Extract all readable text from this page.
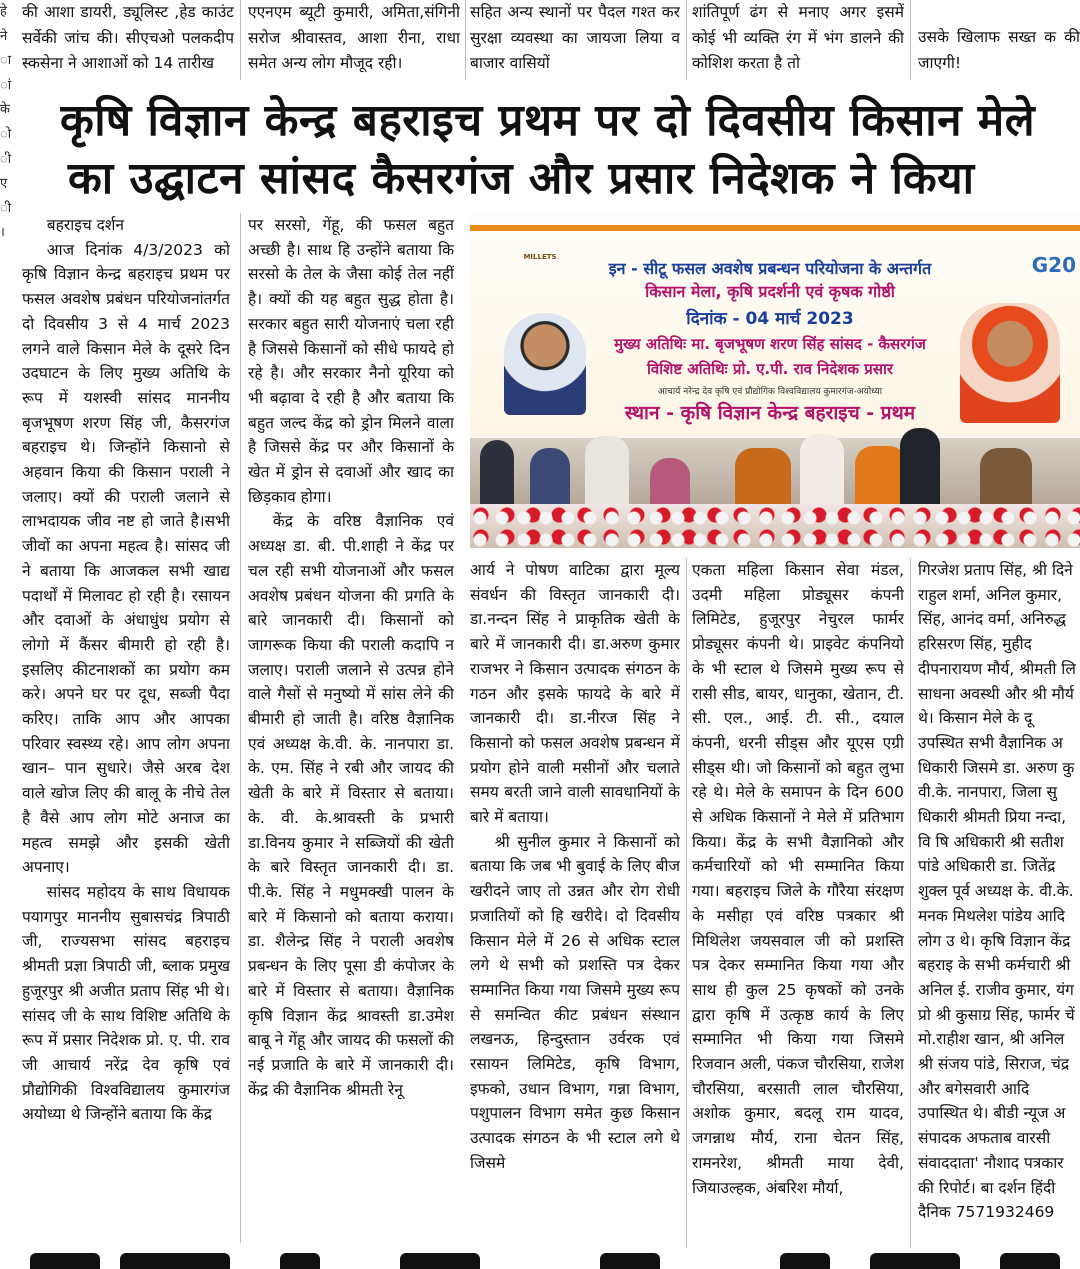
हे ने ा ां के ो ी ए ी ।
की आशा डायरी, ड्यूलिस्ट ,हेड काउंट सर्वेकी जांच की। सीएचओ पलकदीप स्कसेना ने आशाओं को 14 तारीख
एएनएम ब्यूटी कुमारी, अमिता,संगिनी सरोज श्रीवास्तव, आशा रीना, राधा समेत अन्य लोग मौजूद रही।
सहित अन्य स्थानों पर पैदल गश्त कर सुरक्षा व्यवस्था का जायजा लिया व बाजार वासियों
शांतिपूर्ण ढंग से मनाए अगर इसमें कोई भी व्यक्ति रंग में भंग डालने की कोशिश करता है तो
उसके खिलाफ सख्त क की जाएगी!
कृषि विज्ञान केन्द्र बहराइच प्रथम पर दो दिवसीय किसान मेले
का उद्घाटन सांसद कैसरगंज और प्रसार निदेशक ने किया
MILLETS	G20
इन - सीटू फसल अवशेष प्रबन्धन परियोजना के अन्तर्गत
किसान मेला, कृषि प्रदर्शनी एवं कृषक गोष्ठी
दिनांक - 04 मार्च 2023
मुख्य अतिथिः मा. बृजभूषण शरण सिंह सांसद - कैसरगंज
विशिष्ट अतिथिः प्रो. ए.पी. राव निदेशक प्रसार
आचार्य नरेन्द्र देव कृषि एवं प्रौद्योगिक विश्वविद्यालय कुमारगंज-अयोध्या
स्थान - कृषि विज्ञान केन्द्र बहराइच - प्रथम

बहराइच दर्शन

आज दिनांक 4/3/2023 को कृषि विज्ञान केन्द्र बहराइच प्रथम पर फसल अवशेष प्रबंधन परियोजनांतर्गत दो दिवसीय 3 से 4 मार्च 2023 लगने वाले किसान मेले के दूसरे दिन उदघाटन के लिए मुख्य अतिथि के रूप में यशस्वी सांसद माननीय बृजभूषण शरण सिंह जी, कैसरगंज बहराइच थे। जिन्होंने किसानो से अहवान किया की किसान पराली ने जलाए। क्यों की पराली जलाने से लाभदायक जीव नष्ट हो जाते है।सभी जीवों का अपना महत्व है। सांसद जी ने बताया कि आजकल सभी खाद्य पदार्थों में मिलावट हो रही है। रसायन और दवाओं के अंधाधुंध प्रयोग से लोगो में कैंसर बीमारी हो रही है। इसलिए कीटनाशकों का प्रयोग कम करे। अपने घर पर दूध, सब्जी पैदा करिए। ताकि आप और आपका परिवार स्वस्थ्य रहे। आप लोग अपना खान– पान सुधारे। जैसे अरब देश वाले खोज लिए की बालू के नीचे तेल है वैसे आप लोग मोटे अनाज का महत्व समझे और इसकी खेती अपनाए।

सांसद महोदय के साथ विधायक पयागपुर माननीय सुबासचंद्र त्रिपाठी जी, राज्यसभा सांसद बहराइच श्रीमती प्रज्ञा त्रिपाठी जी, ब्लाक प्रमुख हुजूरपुर श्री अजीत प्रताप सिंह भी थे। सांसद जी के साथ विशिष्ट अतिथि के रूप में प्रसार निदेशक प्रो. ए. पी. राव जी आचार्य नरेंद्र देव कृषि एवं प्रौद्योगिकी विश्वविद्यालय कुमारगंज अयोध्या थे जिन्होंने बताया कि केंद्र

पर सरसो, गेंहू, की फसल बहुत अच्छी है। साथ हि उन्होंने बताया कि सरसो के तेल के जैसा कोई तेल नहीं है। क्यों की यह बहुत सुद्ध होता है। सरकार बहुत सारी योजनाएं चला रही है जिससे किसानों को सीधे फायदे हो रहे है। और सरकार नैनो यूरिया को भी बढ़ावा दे रही है और बताया कि बहुत जल्द केंद्र को ड्रोन मिलने वाला है जिससे केंद्र पर और किसानों के खेत में ड्रोन से दवाओं और खाद का छिड़काव होगा।

केंद्र के वरिष्ठ वैज्ञानिक एवं अध्यक्ष डा. बी. पी.शाही ने केंद्र पर चल रही सभी योजनाओं और फसल अवशेष प्रबंधन योजना की प्रगति के बारे जानकारी दी। किसानों को जागरूक किया की पराली कदापि न जलाए। पराली जलाने से उत्पन्न होने वाले गैसों से मनुष्यो में सांस लेने की बीमारी हो जाती है। वरिष्ठ वैज्ञानिक एवं अध्यक्ष के.वी. के. नानपारा डा. के. एम. सिंह ने रबी और जायद की खेती के बारे में विस्तार से बताया। के. वी. के.श्रावस्ती के प्रभारी डा.विनय कुमार ने सब्जियों की खेती के बारे विस्तृत जानकारी दी। डा. पी.के. सिंह ने मधुमक्खी पालन के बारे में किसानो को बताया कराया। डा. शैलेन्द्र सिंह ने पराली अवशेष प्रबन्धन के लिए पूसा डी कंपोजर के बारे में विस्तार से बताया। वैज्ञानिक कृषि विज्ञान केंद्र श्रावस्ती डा.उमेश बाबू ने गेंहू और जायद की फसलों की नई प्रजाति के बारे में जानकारी दी। केंद्र की वैज्ञानिक श्रीमती रेनू

आर्य ने पोषण वाटिका द्वारा मूल्य संवर्धन की विस्तृत जानकारी दी। डा.नन्दन सिंह ने प्राकृतिक खेती के बारे में जानकारी दी। डा.अरुण कुमार राजभर ने किसान उत्पादक संगठन के गठन और इसके फायदे के बारे में जानकारी दी। डा.नीरज सिंह ने किसानो को फसल अवशेष प्रबन्धन में प्रयोग होने वाली मसीनों और चलाते समय बरती जाने वाली सावधानियों के बारे में बताया।

श्री सुनील कुमार ने किसानों को बताया कि जब भी बुवाई के लिए बीज खरीदने जाए तो उन्नत और रोग रोधी प्रजातियों को हि खरीदे। दो दिवसीय किसान मेले में 26 से अधिक स्टाल लगे थे सभी को प्रशस्ति पत्र देकर सम्मानित किया गया जिसमे मुख्य रूप से समन्वित कीट प्रबंधन संस्थान लखनऊ, हिन्दुस्तान उर्वरक एवं रसायन लिमिटेड, कृषि विभाग, इफको, उधान विभाग, गन्ना विभाग, पशुपालन विभाग समेत कुछ किसान उत्पादक संगठन के भी स्टाल लगे थे जिसमे

एकता महिला किसान सेवा मंडल, उदमी महिला प्रोड्यूसर कंपनी लिमिटेड, हुजूरपुर नेचुरल फार्मर प्रोड्यूसर कंपनी थे। प्राइवेट कंपनियो के भी स्टाल थे जिसमे मुख्य रूप से रासी सीड, बायर, धानुका, खेतान, टी. सी. एल., आई. टी. सी., दयाल कंपनी, धरनी सीड्स और यूएस एग्री सीड्स थी। जो किसानों को बहुत लुभा रहे थे। मेले के समापन के दिन 600 से अधिक किसानों ने मेले में प्रतिभाग किया। केंद्र के सभी वैज्ञानिको और कर्मचारियों को भी सम्मानित किया गया। बहराइच जिले के गौरैया संरक्षण के मसीहा एवं वरिष्ठ पत्रकार श्री मिथिलेश जयसवाल जी को प्रशस्ति पत्र देकर सम्मानित किया गया और साथ ही कुल 25 कृषकों को उनके द्वारा कृषि में उत्कृष्ठ कार्य के लिए सम्मानित भी किया गया जिसमे रिजवान अली, पंकज चौरसिया, राजेश चौरसिया, बरसाती लाल चौरसिया, अशोक कुमार, बदलू राम यादव, जगन्नाथ मौर्य, राना चेतन सिंह, रामनरेश, श्रीमती माया देवी, जियाउल्हक, अंबरिश मौर्या,

गिरजेश प्रताप सिंह, श्री दिने राहुल शर्मा, अनिल कुमार, सिंह, आनंद वर्मा, अनिरुद्ध हरिसरण सिंह, मुहीद दीपनारायण मौर्य, श्रीमती लि साधना अवस्थी और श्री मौर्य थे। किसान मेले के दू उपस्थित सभी वैज्ञानिक अ धिकारी जिसमे डा. अरुण कु वी.के. नानपारा, जिला सु धिकारी श्रीमती प्रिया नन्दा, वि षि अधिकारी श्री सतीश पांडे अधिकारी डा. जितेंद्र शुक्ल पूर्व अध्यक्ष के. वी.के. मनक मिथलेश पांडेय आदि लोग उ थे। कृषि विज्ञान केंद्र बहराइ के सभी कर्मचारी श्री अनिल ई. राजीव कुमार, यंग प्रो श्री कुसाग्र सिंह, फार्मर चें मो.राहीश खान, श्री अनिल श्री संजय पांडे, सिराज, चंद्र और बगेसवारी आदि उपास्थित थे। बीडी न्यूज अ संपादक अफताब वारसी संवाददाता' नौशाद पत्रकार की रिपोर्ट। बा दर्शन हिंदी दैनिक 7571932469
